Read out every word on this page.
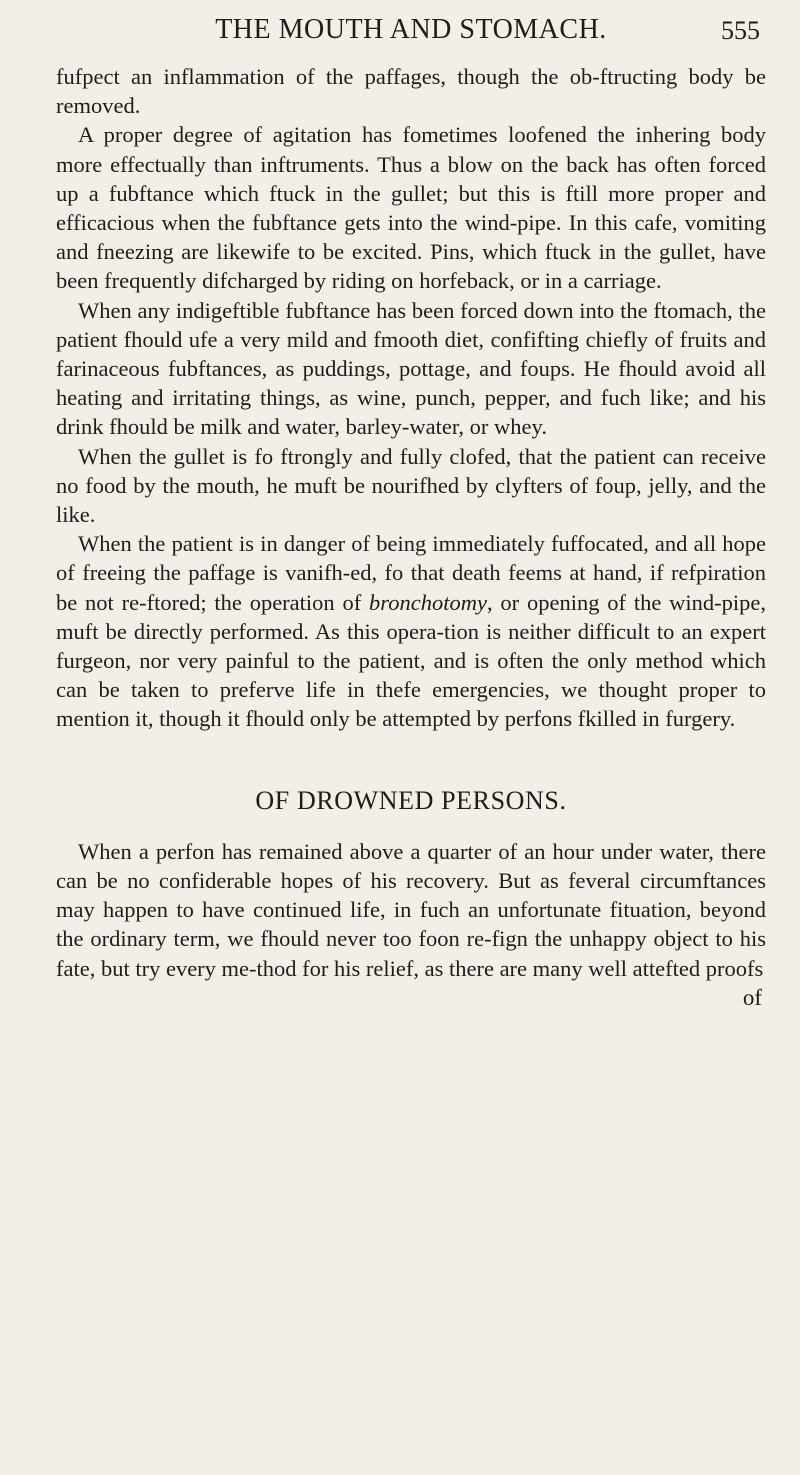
THE MOUTH AND STOMACH.	555

fufpect an inflammation of the paffages, though the ob-ftructing body be removed.

A proper degree of agitation has fometimes loofened the inhering body more effectually than inftruments. Thus a blow on the back has often forced up a fubftance which ftuck in the gullet; but this is ftill more proper and efficacious when the fubftance gets into the wind-pipe. In this cafe, vomiting and fneezing are likewife to be excited. Pins, which ftuck in the gullet, have been frequently difcharged by riding on horfeback, or in a carriage.

When any indigeftible fubftance has been forced down into the ftomach, the patient fhould ufe a very mild and fmooth diet, confifting chiefly of fruits and farinaceous fubftances, as puddings, pottage, and foups. He fhould avoid all heating and irritating things, as wine, punch, pepper, and fuch like; and his drink fhould be milk and water, barley-water, or whey.

When the gullet is fo ftrongly and fully clofed, that the patient can receive no food by the mouth, he muft be nourifhed by clyfters of foup, jelly, and the like.

When the patient is in danger of being immediately fuffocated, and all hope of freeing the paffage is vanifh-ed, fo that death feems at hand, if refpiration be not re-ftored; the operation of bronchotomy, or opening of the wind-pipe, muft be directly performed. As this opera-tion is neither difficult to an expert furgeon, nor very painful to the patient, and is often the only method which can be taken to preferve life in thefe emergencies, we thought proper to mention it, though it fhould only be attempted by perfons fkilled in furgery.

OF DROWNED PERSONS.

When a perfon has remained above a quarter of an hour under water, there can be no confiderable hopes of his recovery. But as feveral circumftances may happen to have continued life, in fuch an unfortunate fituation, beyond the ordinary term, we fhould never too foon re-fign the unhappy object to his fate, but try every me-thod for his relief, as there are many well attefted proofs

of
